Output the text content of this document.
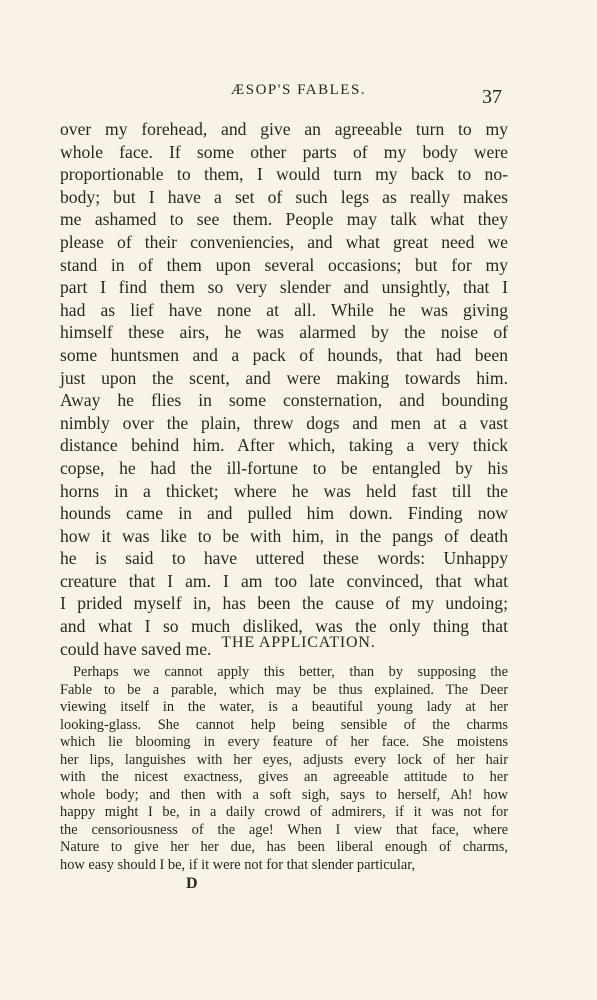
ÆSOP'S FABLES.	37
over my forehead, and give an agreeable turn to my
whole face. If some other parts of my body were
proportionable to them, I would turn my back to no-
body; but I have a set of such legs as really makes
me ashamed to see them. People may talk what they
please of their conveniencies, and what great need we
stand in of them upon several occasions; but for my
part I find them so very slender and unsightly, that I
had as lief have none at all. While he was giving
himself these airs, he was alarmed by the noise of
some huntsmen and a pack of hounds, that had been
just upon the scent, and were making towards him.
Away he flies in some consternation, and bounding
nimbly over the plain, threw dogs and men at a vast
distance behind him. After which, taking a very thick
copse, he had the ill-fortune to be entangled by his
horns in a thicket; where he was held fast till the
hounds came in and pulled him down. Finding now
how it was like to be with him, in the pangs of death
he is said to have uttered these words: Unhappy
creature that I am. I am too late convinced, that what
I prided myself in, has been the cause of my undoing;
and what I so much disliked, was the only thing that
could have saved me. THE APPLICATION.
Perhaps we cannot apply this better, than by supposing the
Fable to be a parable, which may be thus explained. The Deer
viewing itself in the water, is a beautiful young lady at her
looking-glass. She cannot help being sensible of the charms
which lie blooming in every feature of her face. She moistens
her lips, languishes with her eyes, adjusts every lock of her hair
with the nicest exactness, gives an agreeable attitude to her
whole body; and then with a soft sigh, says to herself, Ah! how
happy might I be, in a daily crowd of admirers, if it was not for
the censoriousness of the age! When I view that face, where
Nature to give her her due, has been liberal enough of charms,
how easy should I be, if it were not for that slender particular,
D
